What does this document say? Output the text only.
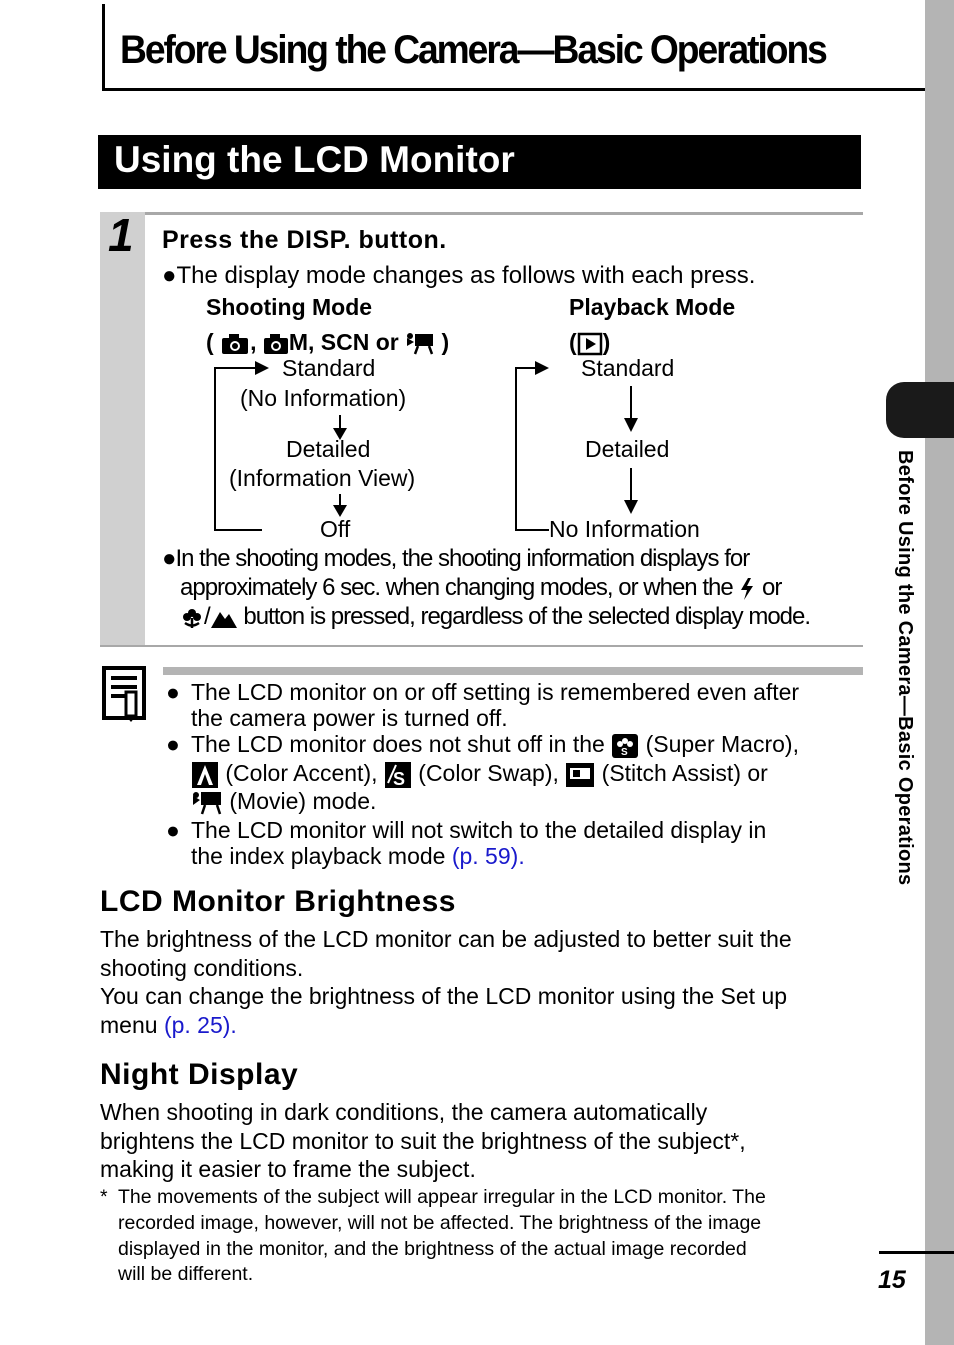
Before Using the Camera—Basic Operations
Before Using the Camera—Basic Operations
Using the LCD Monitor
1 Press the DISP. button.
●The display mode changes as follows with each press.
Shooting Mode
( , M, SCN or )
Playback Mode
( )
Standard
(No Information)
Detailed
(Information View)
Off
Standard
Detailed
No Information
●In the shooting modes, the shooting information displays for
approximately 6 sec. when changing modes, or when the or
/ button is pressed, regardless of the selected display mode.
● The LCD monitor on or off setting is remembered even after
the camera power is turned off.
● The LCD monitor does not shut off in the S (Super Macro),
(Color Accent), S (Color Swap), (Stitch Assist) or
(Movie) mode.
● The LCD monitor will not switch to the detailed display in
the index playback mode (p. 59).
LCD Monitor Brightness
The brightness of the LCD monitor can be adjusted to better suit the
shooting conditions.
You can change the brightness of the LCD monitor using the Set up
menu (p. 25).
Night Display
When shooting in dark conditions, the camera automatically
brightens the LCD monitor to suit the brightness of the subject*,
making it easier to frame the subject.
* The movements of the subject will appear irregular in the LCD monitor. The
recorded image, however, will not be affected. The brightness of the image
displayed in the monitor, and the brightness of the actual image recorded
will be different.	15
